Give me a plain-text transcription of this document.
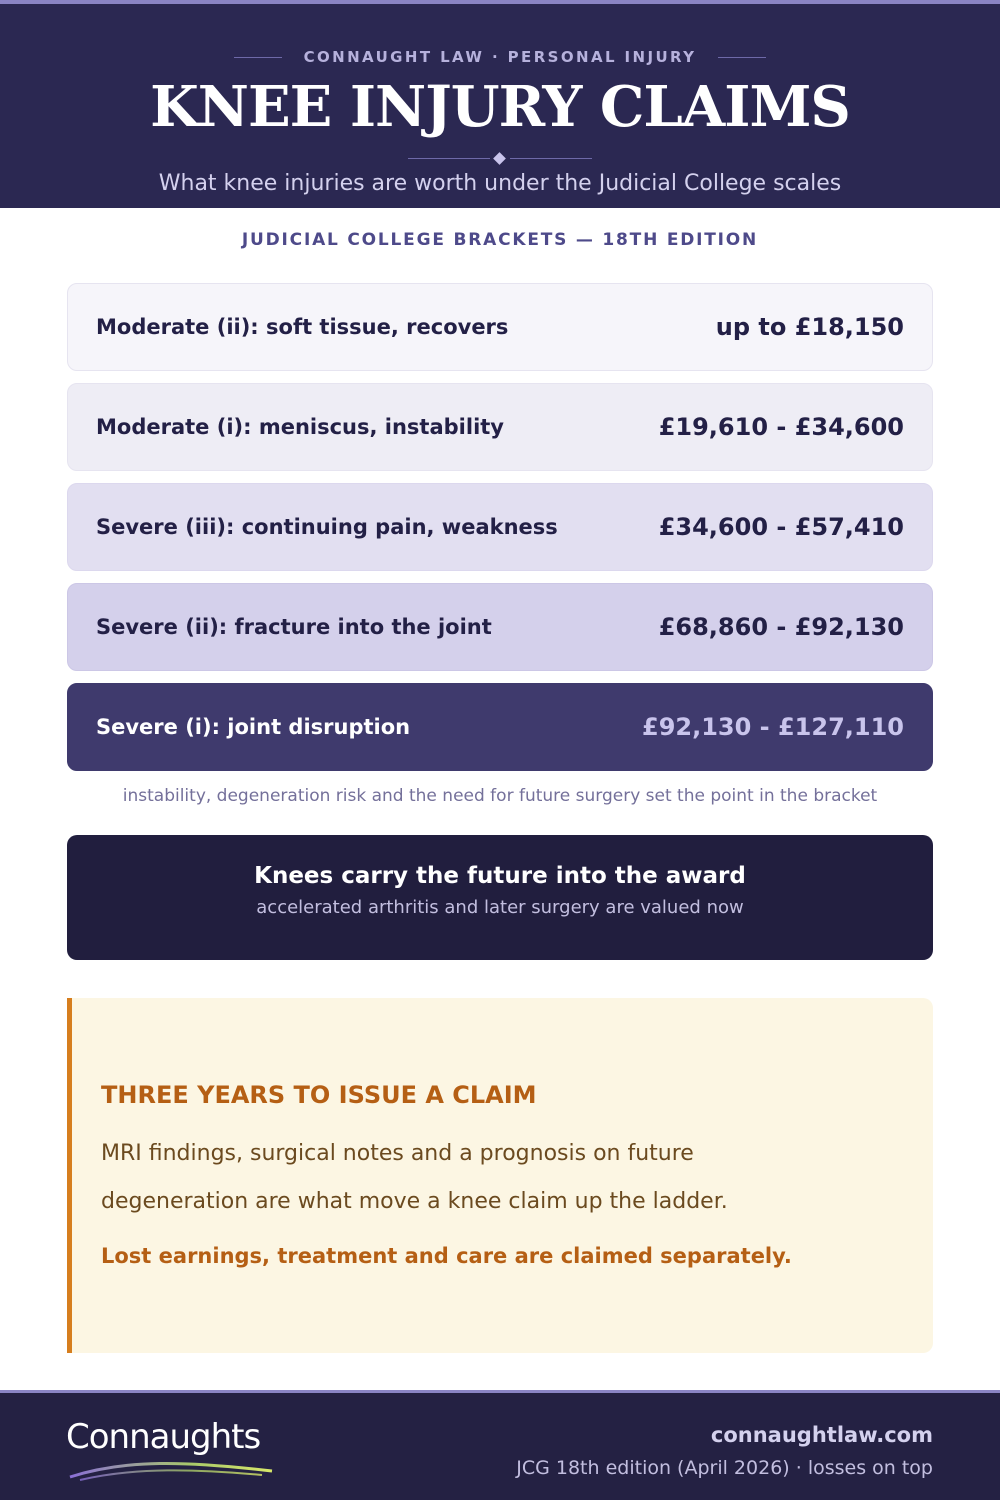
CONNAUGHT LAW · PERSONAL INJURY
KNEE INJURY CLAIMS
What knee injuries are worth under the Judicial College scales
JUDICIAL COLLEGE BRACKETS — 18TH EDITION
Moderate (ii): soft tissue, recovers	up to £18,150
Moderate (i): meniscus, instability	£19,610 - £34,600
Severe (iii): continuing pain, weakness	£34,600 - £57,410
Severe (ii): fracture into the joint	£68,860 - £92,130
Severe (i): joint disruption	£92,130 - £127,110
instability, degeneration risk and the need for future surgery set the point in the bracket
Knees carry the future into the award
accelerated arthritis and later surgery are valued now
THREE YEARS TO ISSUE A CLAIM
MRI findings, surgical notes and a prognosis on future degeneration are what move a knee claim up the ladder.
Lost earnings, treatment and care are claimed separately.
Connaughts	connaughtlaw.com
JCG 18th edition (April 2026) · losses on top
